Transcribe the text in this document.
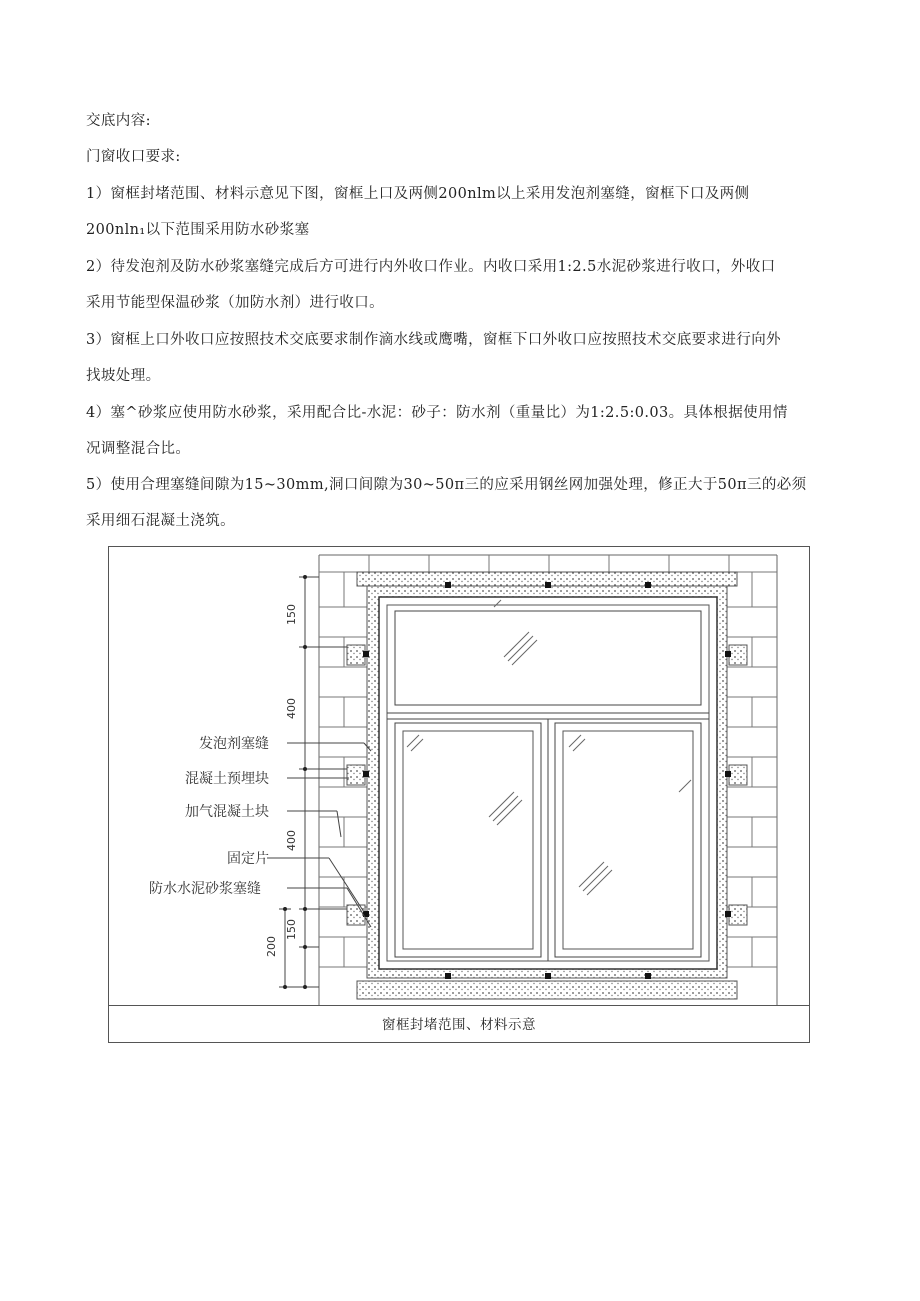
交底内容:
门窗收口要求:
1）窗框封堵范围、材料示意见下图，窗框上口及两侧200nlm以上采用发泡剂塞缝，窗框下口及两侧
200nln₁以下范围采用防水砂浆塞
2）待发泡剂及防水砂浆塞缝完成后方可进行内外收口作业。内收口采用1:2.5水泥砂浆进行收口，外收口
采用节能型保温砂浆（加防水剂）进行收口。
3）窗框上口外收口应按照技术交底要求制作滴水线或鹰嘴，窗框下口外收口应按照技术交底要求进行向外
找坡处理。
4）塞^砂浆应使用防水砂浆，采用配合比-水泥：砂子：防水剂（重量比）为1:2.5:0.03。具体根据使用情
况调整混合比。
5）使用合理塞缝间隙为15~30mm,洞口间隙为30~50π三的应采用钢丝网加强处理，修正大于50π三的必须
采用细石混凝土浇筑。
150
400
400
200
150
发泡剂塞缝
混凝土预埋块
加气混凝土块
固定片
防水水泥砂浆塞缝
窗框封堵范围、材料示意
